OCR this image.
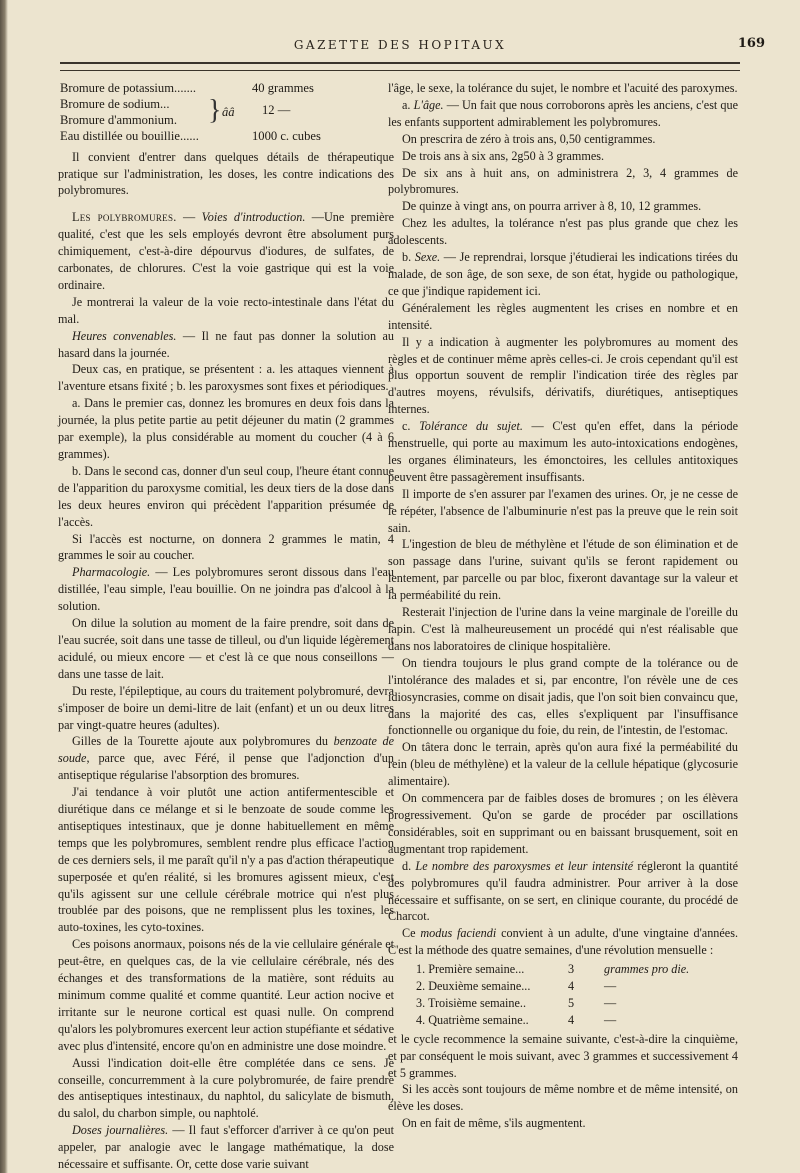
GAZETTE DES HOPITAUX	169
Bromure de potassium.......	40 grammes
Bromure de sodium...
Bromure d'ammonium.	} ââ	12 —
Eau distillée ou bouillie......	1000 c. cubes

Il convient d'entrer dans quelques détails de thérapeutique pratique sur l'administration, les doses, les contre indications des polybromures.

Les polybromures. — Voies d'introduction. —Une première qualité, c'est que les sels employés devront être absolument purs chimiquement, c'est-à-dire dépourvus d'iodures, de sulfates, de carbonates, de chlorures. C'est la voie gastrique qui est la voie ordinaire.

Je montrerai la valeur de la voie recto-intestinale dans l'état du mal.

Heures convenables. — Il ne faut pas donner la solution au hasard dans la journée.

Deux cas, en pratique, se présentent : a. les attaques viennent à l'aventure etsans fixité ; b. les paroxysmes sont fixes et périodiques.

a. Dans le premier cas, donnez les bromures en deux fois dans la journée, la plus petite partie au petit déjeuner du matin (2 grammes par exemple), la plus considérable au moment du coucher (4 à 6 grammes).

b. Dans le second cas, donner d'un seul coup, l'heure étant connue de l'apparition du paroxysme comitial, les deux tiers de la dose dans les deux heures environ qui précèdent l'apparition présumée de l'accès.

Si l'accès est nocturne, on donnera 2 grammes le matin, 4 grammes le soir au coucher.

Pharmacologie. — Les polybromures seront dissous dans l'eau distillée, l'eau simple, l'eau bouillie. On ne joindra pas d'alcool à la solution.

On dilue la solution au moment de la faire prendre, soit dans de l'eau sucrée, soit dans une tasse de tilleul, ou d'un liquide légèrement acidulé, ou mieux encore — et c'est là ce que nous conseillons — dans une tasse de lait.

Du reste, l'épileptique, au cours du traitement polybromuré, devra s'imposer de boire un demi-litre de lait (enfant) et un ou deux litres par vingt-quatre heures (adultes).

Gilles de la Tourette ajoute aux polybromures du benzoate de soude, parce que, avec Féré, il pense que l'adjonction d'un antiseptique régularise l'absorption des bromures.

J'ai tendance à voir plutôt une action antifermentescible et diurétique dans ce mélange et si le benzoate de soude comme les antiseptiques intestinaux, que je donne habituellement en même temps que les polybromures, semblent rendre plus efficace l'action de ces derniers sels, il me paraît qu'il n'y a pas d'action thérapeutique superposée et qu'en réalité, si les bromures agissent mieux, c'est qu'ils agissent sur une cellule cérébrale motrice qui n'est plus troublée par des poisons, que ne remplissent plus les toxines, les auto-toxines, les cyto-toxines.

Ces poisons anormaux, poisons nés de la vie cellulaire générale et peut-être, en quelques cas, de la vie cellulaire cérébrale, nés des échanges et des transformations de la matière, sont réduits au minimum comme qualité et comme quantité. Leur action nocive et irritante sur le neurone cortical est quasi nulle. On comprend qu'alors les polybromures exercent leur action stupéfiante et sédative avec plus d'intensité, encore qu'on en administre une dose moindre.

Aussi l'indication doit-elle être complétée dans ce sens. Je conseille, concurremment à la cure polybromurée, de faire prendre des antiseptiques intestinaux, du naphtol, du salicylate de bismuth, du salol, du charbon simple, ou naphtolé.

Doses journalières. — Il faut s'efforcer d'arriver à ce qu'on peut appeler, par analogie avec le langage mathématique, la dose nécessaire et suffisante. Or, cette dose varie suivant

l'âge, le sexe, la tolérance du sujet, le nombre et l'acuité des paroxymes.

a. L'âge. — Un fait que nous corroborons après les anciens, c'est que les enfants supportent admirablement les polybromures.

On prescrira de zéro à trois ans, 0,50 centigrammes.

De trois ans à six ans, 2g50 à 3 grammes.

De six ans à huit ans, on administrera 2, 3, 4 grammes de polybromures.

De quinze à vingt ans, on pourra arriver à 8, 10, 12 grammes.

Chez les adultes, la tolérance n'est pas plus grande que chez les adolescents.

b. Sexe. — Je reprendrai, lorsque j'étudierai les indications tirées du malade, de son âge, de son sexe, de son état, hygide ou pathologique, ce que j'indique rapidement ici.

Généralement les règles augmentent les crises en nombre et en intensité.

Il y a indication à augmenter les polybromures au moment des règles et de continuer même après celles-ci. Je crois cependant qu'il est plus opportun souvent de remplir l'indication tirée des règles par d'autres moyens, révulsifs, dérivatifs, diurétiques, antiseptiques internes.

c. Tolérance du sujet. — C'est qu'en effet, dans la période menstruelle, qui porte au maximum les auto-intoxications endogènes, les organes éliminateurs, les émonctoires, les cellules antitoxiques peuvent être passagèrement insuffisants.

Il importe de s'en assurer par l'examen des urines. Or, je ne cesse de le répéter, l'absence de l'albuminurie n'est pas la preuve que le rein soit sain.

L'ingestion de bleu de méthylène et l'étude de son élimination et de son passage dans l'urine, suivant qu'ils se feront rapidement ou lentement, par parcelle ou par bloc, fixeront davantage sur la valeur et la perméabilité du rein.

Resterait l'injection de l'urine dans la veine marginale de l'oreille du lapin. C'est là malheureusement un procédé qui n'est réalisable que dans nos laboratoires de clinique hospitalière.

On tiendra toujours le plus grand compte de la tolérance ou de l'intolérance des malades et si, par encontre, l'on révèle une de ces idiosyncrasies, comme on disait jadis, que l'on soit bien convaincu que, dans la majorité des cas, elles s'expliquent par l'insuffisance fonctionnelle ou organique du foie, du rein, de l'intestin, de l'estomac.

On tâtera donc le terrain, après qu'on aura fixé la perméabilité du rein (bleu de méthylène) et la valeur de la cellule hépatique (glycosurie alimentaire).

On commencera par de faibles doses de bromures ; on les élèvera progressivement. Qu'on se garde de procéder par oscillations considérables, soit en supprimant ou en baissant brusquement, soit en augmentant trop rapidement.

d. Le nombre des paroxysmes et leur intensité régleront la quantité des polybromures qu'il faudra administrer. Pour arriver à la dose nécessaire et suffisante, on se sert, en clinique courante, du procédé de Charcot.

Ce modus faciendi convient à un adulte, d'une vingtaine d'années. C'est la méthode des quatre semaines, d'une révolution mensuelle :

1. Première semaine...	3	grammes pro die.
2. Deuxième semaine...	4	—
3. Troisième semaine..	5	—
4. Quatrième semaine..	4	—

et le cycle recommence la semaine suivante, c'est-à-dire la cinquième, et par conséquent le mois suivant, avec 3 grammes et successivement 4 et 5 grammes.

Si les accès sont toujours de même nombre et de même intensité, on élève les doses.

On en fait de même, s'ils augmentent.
